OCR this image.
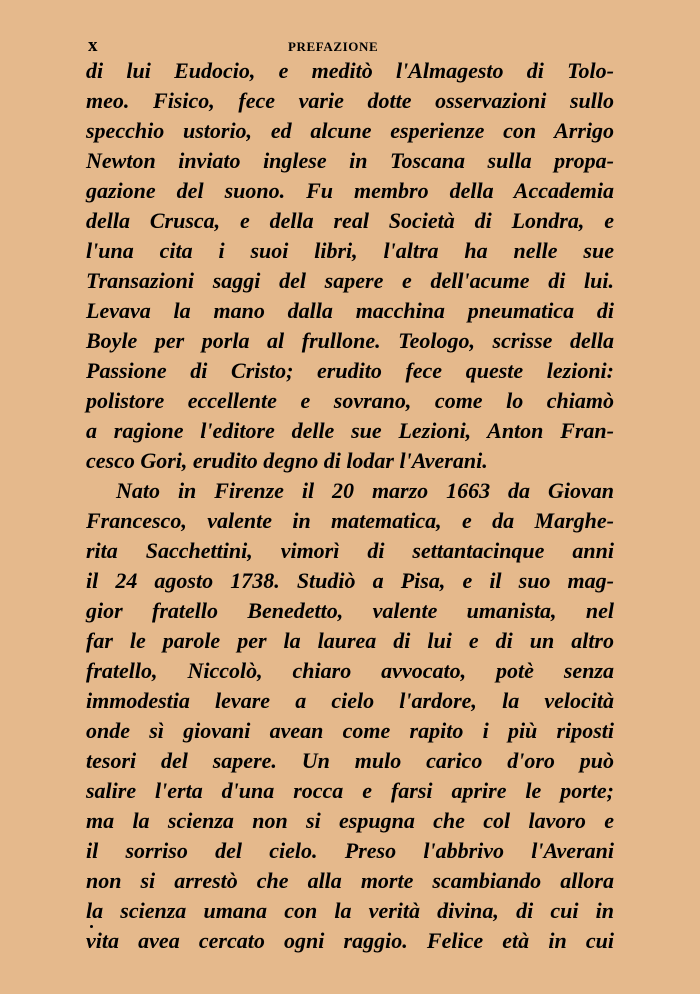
x	PREFAZIONE
di lui Eudocio, e meditò l'Almagesto di Tolo-
meo. Fisico, fece varie dotte osservazioni sullo
specchio ustorio, ed alcune esperienze con Arrigo
Newton inviato inglese in Toscana sulla propa-
gazione del suono. Fu membro della Accademia
della Crusca, e della real Società di Londra, e
l'una cita i suoi libri, l'altra ha nelle sue
Transazioni saggi del sapere e dell'acume di lui.
Levava la mano dalla macchina pneumatica di
Boyle per porla al frullone. Teologo, scrisse della
Passione di Cristo; erudito fece queste lezioni:
polistore eccellente e sovrano, come lo chiamò
a ragione l'editore delle sue Lezioni, Anton Fran-
cesco Gori, erudito degno di lodar l'Averani.
Nato in Firenze il 20 marzo 1663 da Giovan
Francesco, valente in matematica, e da Marghe-
rita Sacchettini, vimorì di settantacinque anni
il 24 agosto 1738. Studiò a Pisa, e il suo mag-
gior fratello Benedetto, valente umanista, nel
far le parole per la laurea di lui e di un altro
fratello, Niccolò, chiaro avvocato, potè senza
immodestia levare a cielo l'ardore, la velocità
onde sì giovani avean come rapito i più riposti
tesori del sapere. Un mulo carico d'oro può
salire l'erta d'una rocca e farsi aprire le porte;
ma la scienza non si espugna che col lavoro e
il sorriso del cielo. Preso l'abbrivo l'Averani
non si arrestò che alla morte scambiando allora
la scienza umana con la verità divina, di cui in
vita avea cercato ogni raggio. Felice età in cui
